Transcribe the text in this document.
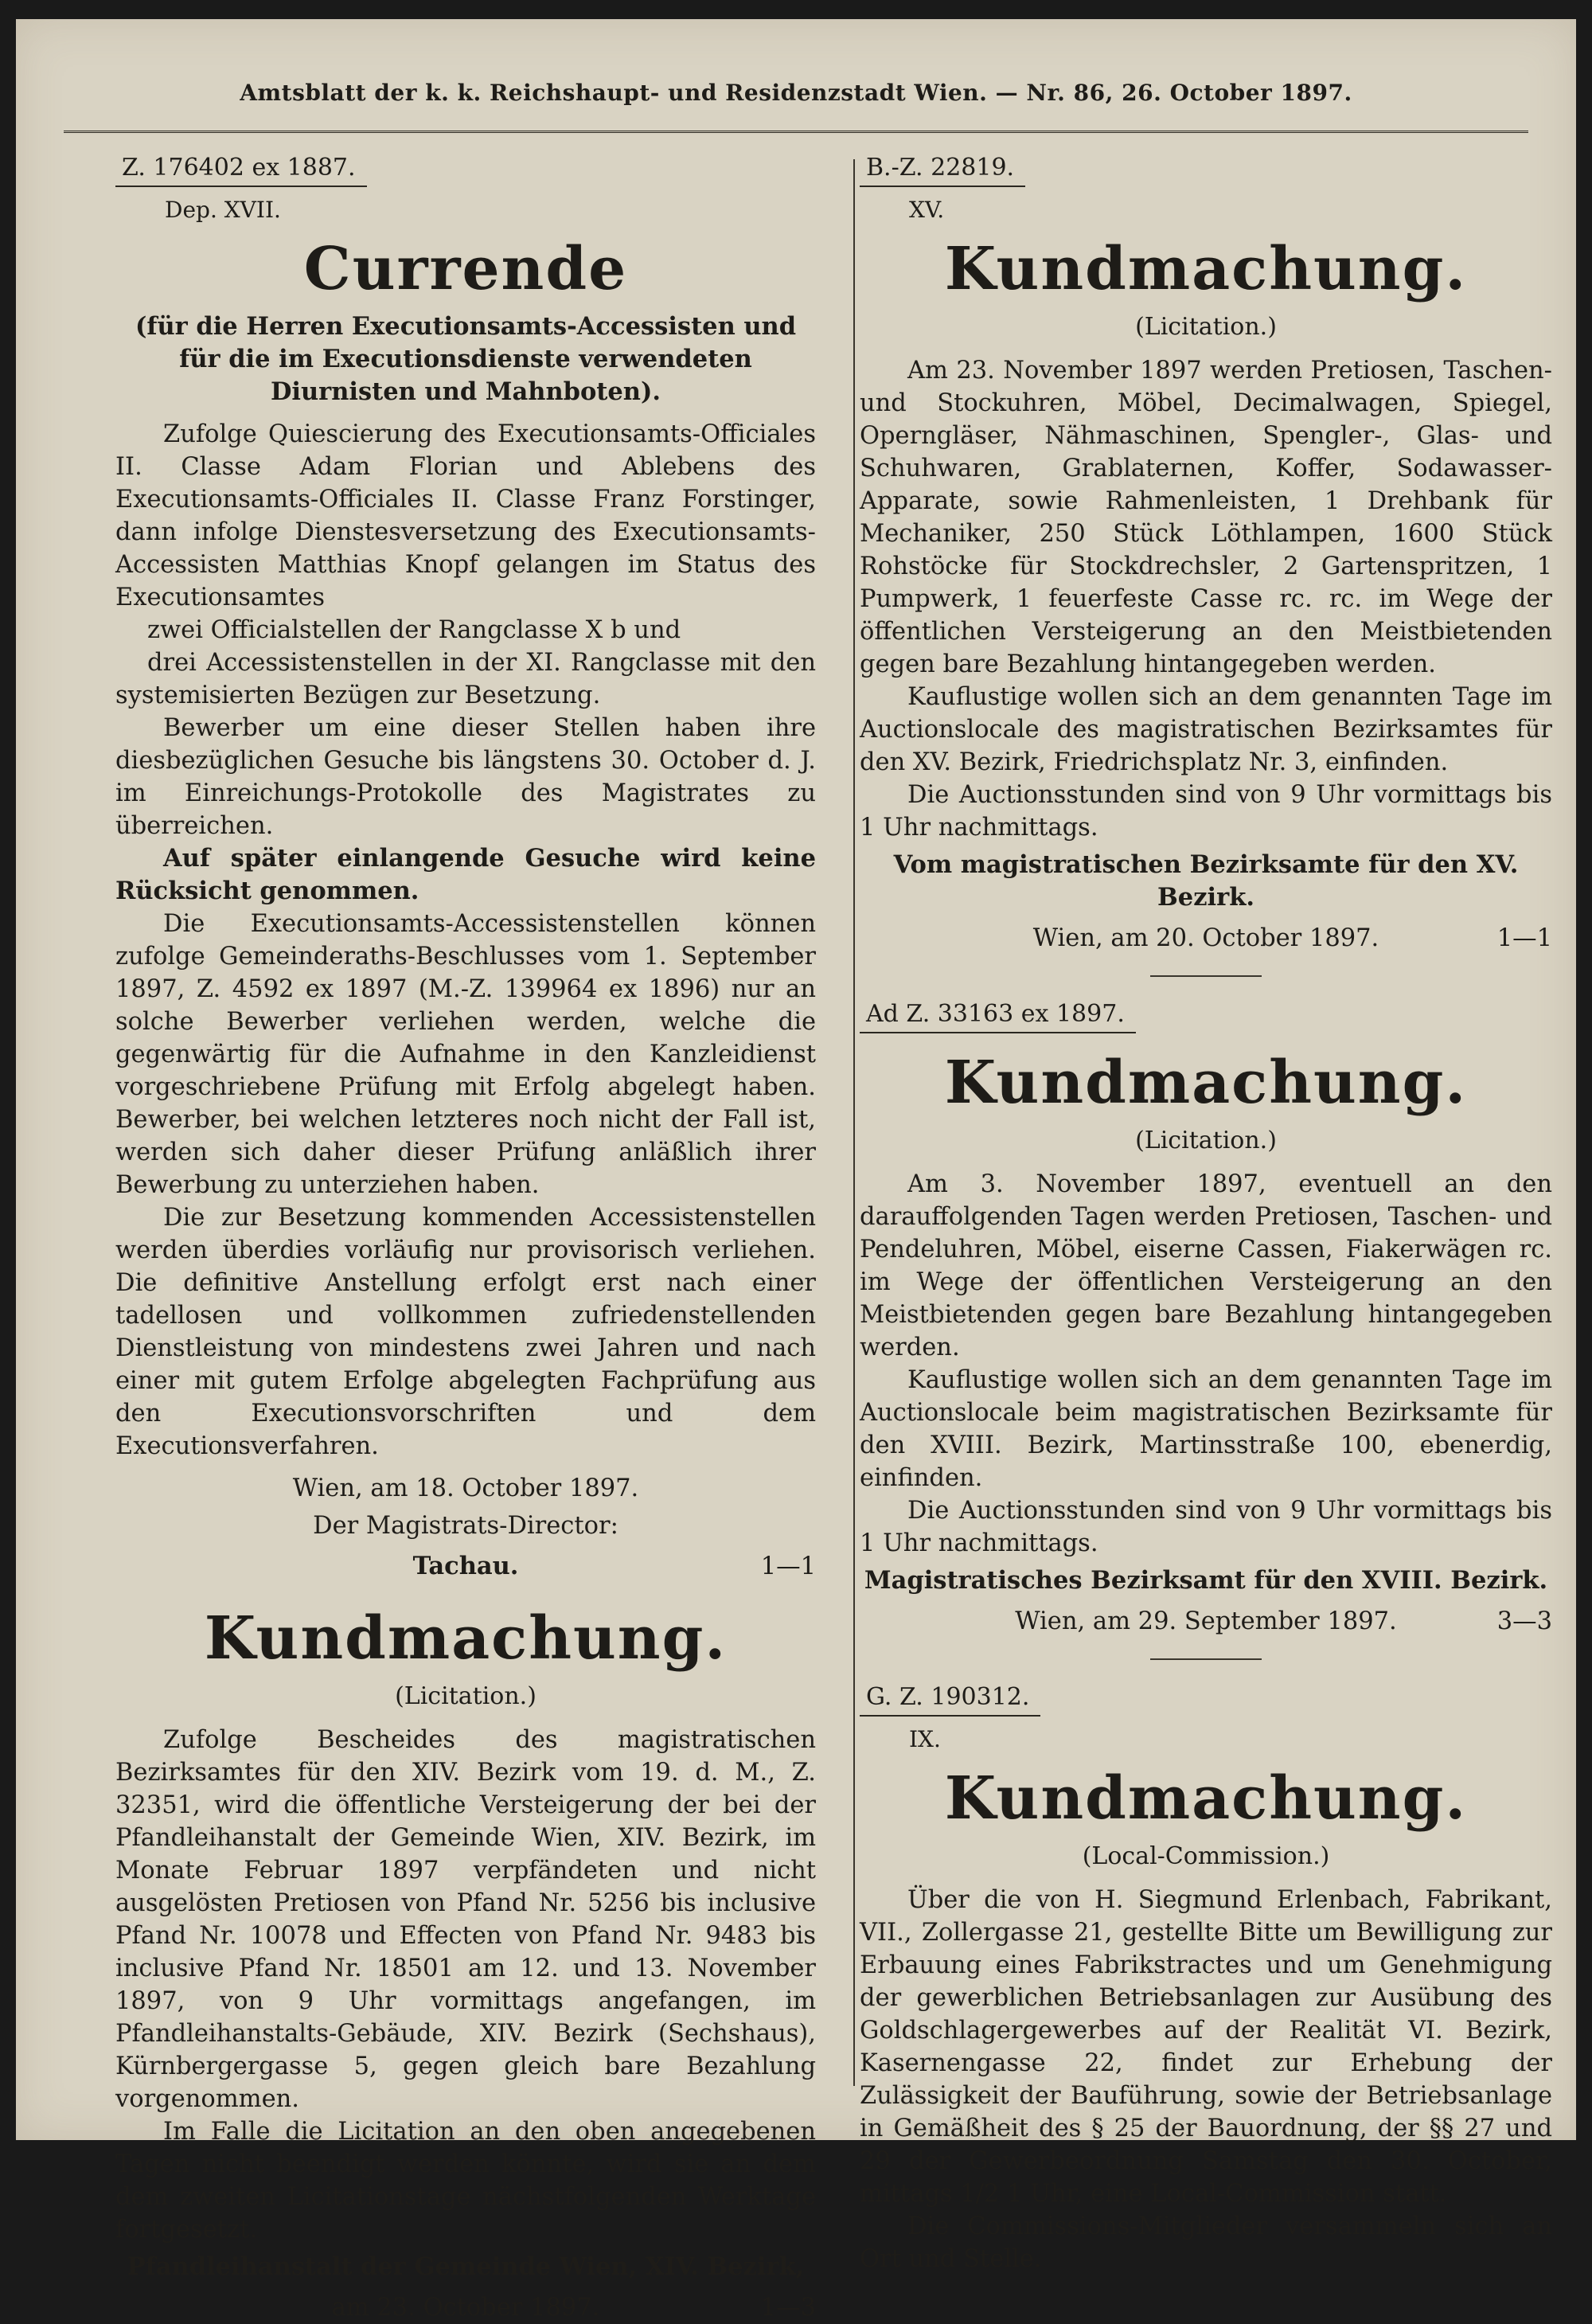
Amtsblatt der k. k. Reichshaupt- und Residenzstadt Wien. — Nr. 86, 26. October 1897.
Z. 176402 ex 1887.
Dep. XVII.
Currende

(für die Herren Executionsamts-Accessisten und für die im Executionsdienste verwendeten Diurnisten und Mahnboten).

Zufolge Quiescierung des Executionsamts-Officiales II. Classe Adam Florian und Ablebens des Executionsamts-Officiales II. Classe Franz Forstinger, dann infolge Dienstesversetzung des Executionsamts-Accessisten Matthias Knopf gelangen im Status des Executionsamtes

zwei Officialstellen der Rangclasse X b und

drei Accessistenstellen in der XI. Rangclasse mit den systemisierten Bezügen zur Besetzung.

Bewerber um eine dieser Stellen haben ihre diesbezüglichen Gesuche bis längstens 30. October d. J. im Einreichungs-Protokolle des Magistrates zu überreichen.

Auf später einlangende Gesuche wird keine Rücksicht genommen.

Die Executionsamts-Accessistenstellen können zufolge Gemeinderaths-Beschlusses vom 1. September 1897, Z. 4592 ex 1897 (M.-Z. 139964 ex 1896) nur an solche Bewerber verliehen werden, welche die gegenwärtig für die Aufnahme in den Kanzleidienst vorgeschriebene Prüfung mit Erfolg abgelegt haben. Bewerber, bei welchen letzteres noch nicht der Fall ist, werden sich daher dieser Prüfung anläßlich ihrer Bewerbung zu unterziehen haben.

Die zur Besetzung kommenden Accessistenstellen werden überdies vorläufig nur provisorisch verliehen. Die definitive Anstellung erfolgt erst nach einer tadellosen und vollkommen zufriedenstellenden Dienstleistung von mindestens zwei Jahren und nach einer mit gutem Erfolge abgelegten Fachprüfung aus den Executionsvorschriften und dem Executionsverfahren.

Wien, am 18. October 1897.
Der Magistrats-Director:
Tachau.	1—1
Kundmachung.
(Licitation.)

Zufolge Bescheides des magistratischen Bezirksamtes für den XIV. Bezirk vom 19. d. M., Z. 32351, wird die öffentliche Versteigerung der bei der Pfandleihanstalt der Gemeinde Wien, XIV. Bezirk, im Monate Februar 1897 verpfändeten und nicht ausgelösten Pretiosen von Pfand Nr. 5256 bis inclusive Pfand Nr. 10078 und Effecten von Pfand Nr. 9483 bis inclusive Pfand Nr. 18501 am 12. und 13. November 1897, von 9 Uhr vormittags angefangen, im Pfandleihanstalts-Gebäude, XIV. Bezirk (Sechshaus), Kürnbergergasse 5, gegen gleich bare Bezahlung vorgenommen.

Im Falle die Licitation an den oben angegebenen Tagen nicht beendigt werden könnte, wird sie an dem dem zweiten Licitationstage nächstfolgenden Werktage fortgesetzt.

Pfandleihanstalt der Gemeinde Wien, XIV. Bezirk,
am 23. October 1897.	1—3
B.-Z. 22819.
XV.
Kundmachung.
(Licitation.)

Am 23. November 1897 werden Pretiosen, Taschen- und Stockuhren, Möbel, Decimalwagen, Spiegel, Operngläser, Nähmaschinen, Spengler-, Glas- und Schuhwaren, Grablaternen, Koffer, Sodawasser-Apparate, sowie Rahmenleisten, 1 Drehbank für Mechaniker, 250 Stück Löthlampen, 1600 Stück Rohstöcke für Stockdrechsler, 2 Gartenspritzen, 1 Pumpwerk, 1 feuerfeste Casse rc. rc. im Wege der öffentlichen Versteigerung an den Meistbietenden gegen bare Bezahlung hintangegeben werden.

Kauflustige wollen sich an dem genannten Tage im Auctionslocale des magistratischen Bezirksamtes für den XV. Bezirk, Friedrichsplatz Nr. 3, einfinden.

Die Auctionsstunden sind von 9 Uhr vormittags bis 1 Uhr nachmittags.

Vom magistratischen Bezirksamte für den XV. Bezirk.
Wien, am 20. October 1897.	1—1
Ad Z. 33163 ex 1897.
Kundmachung.
(Licitation.)

Am 3. November 1897, eventuell an den darauffolgenden Tagen werden Pretiosen, Taschen- und Pendeluhren, Möbel, eiserne Cassen, Fiakerwägen rc. im Wege der öffentlichen Versteigerung an den Meistbietenden gegen bare Bezahlung hintangegeben werden.

Kauflustige wollen sich an dem genannten Tage im Auctionslocale beim magistratischen Bezirksamte für den XVIII. Bezirk, Martinsstraße 100, ebenerdig, einfinden.

Die Auctionsstunden sind von 9 Uhr vormittags bis 1 Uhr nachmittags.

Magistratisches Bezirksamt für den XVIII. Bezirk.
Wien, am 29. September 1897.	3—3
G. Z. 190312.
IX.
Kundmachung.
(Local-Commission.)

Über die von H. Siegmund Erlenbach, Fabrikant, VII., Zollergasse 21, gestellte Bitte um Bewilligung zur Erbauung eines Fabrikstractes und um Genehmigung der gewerblichen Betriebsanlagen zur Ausübung des Goldschlagergewerbes auf der Realität VI. Bezirk, Kasernengasse 22, findet zur Erhebung der Zulässigkeit der Bauführung, sowie der Betriebsanlage in Gemäßheit des § 25 der Bauordnung, der §§ 27 und 29 der Gewerbeordnung Samstag den 30. October, mittags 1/2 1 Uhr, eine Local-Commission statt.

Die Commissions-Mitglieder versammeln sich an Ort und Stelle.
